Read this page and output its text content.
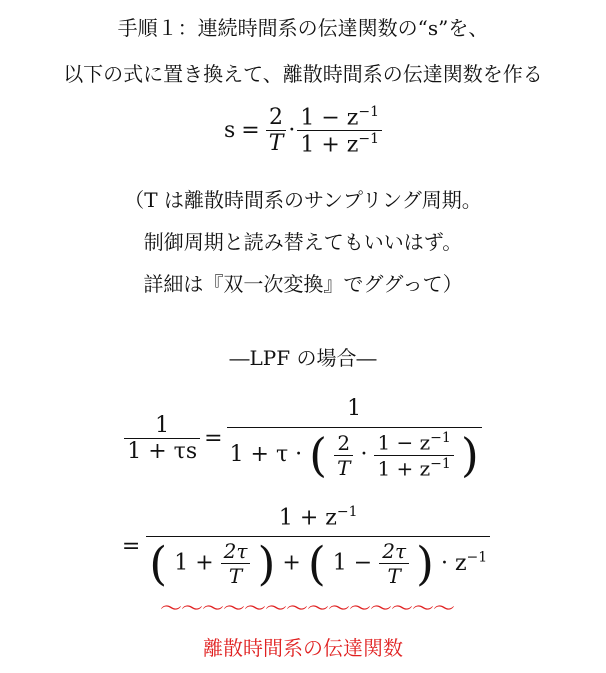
手順１：連続時間系の伝達関数の“s”を、
以下の式に置き換えて、離散時間系の伝達関数を作る
$s = \frac{2}{T} \cdot \frac{1 - z^{-1}}{1 + z^{-1}}$
（T は離散時間系のサンプリング周期。
制御周期と読み替えてもいいはず。
詳細は『双一次変換』でググって）
―LPF の場合―
$\frac{1}{1 + \tau s}$ =
1
1 + τ · ( $\frac{2}{T} \cdot \frac{1 - z^{-1}}{1 + z^{-1}}$ )
=
$1 + z^{-1}$
( $1 + \frac{2\tau}{T}$ ) + ( $1 - \frac{2\tau}{T}$ ) · $z^{-1}$
～～～～～～～～～～～～～～
離散時間系の伝達関数
